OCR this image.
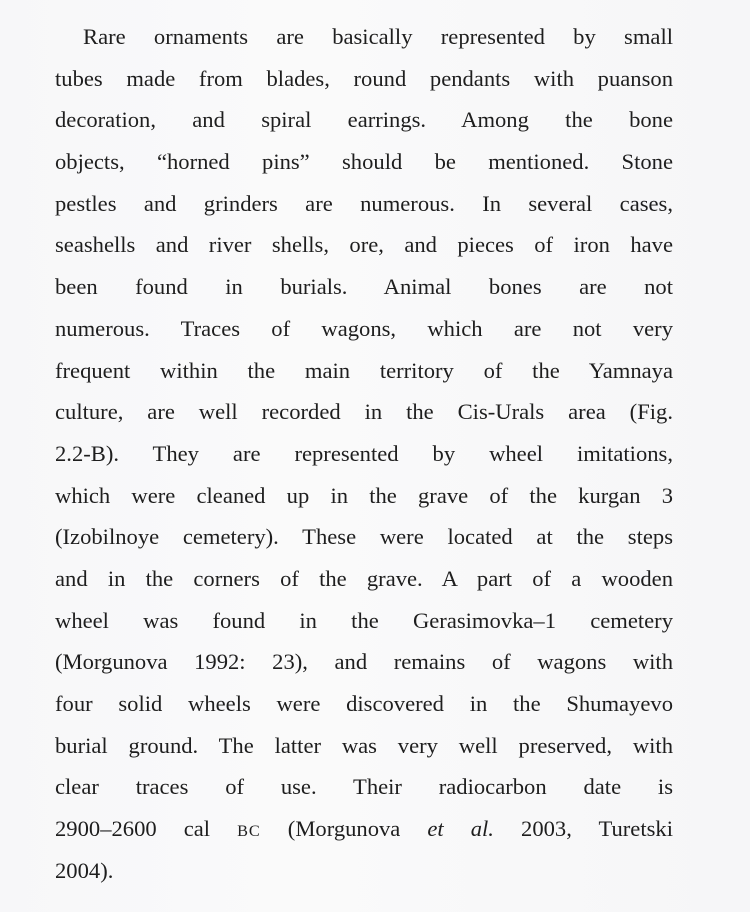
Rare ornaments are basically represented by small
tubes made from blades, round pendants with puanson
decoration, and spiral earrings. Among the bone
objects, “horned pins” should be mentioned. Stone
pestles and grinders are numerous. In several cases,
seashells and river shells, ore, and pieces of iron have
been found in burials. Animal bones are not
numerous. Traces of wagons, which are not very
frequent within the main territory of the Yamnaya
culture, are well recorded in the Cis-Urals area (Fig.
2.2-B). They are represented by wheel imitations,
which were cleaned up in the grave of the kurgan 3
(Izobilnoye cemetery). These were located at the steps
and in the corners of the grave. A part of a wooden
wheel was found in the Gerasimovka–1 cemetery
(Morgunova 1992: 23), and remains of wagons with
four solid wheels were discovered in the Shumayevo
burial ground. The latter was very well preserved, with
clear traces of use. Their radiocarbon date is
2900–2600 cal BC (Morgunova et al. 2003, Turetski
2004).
